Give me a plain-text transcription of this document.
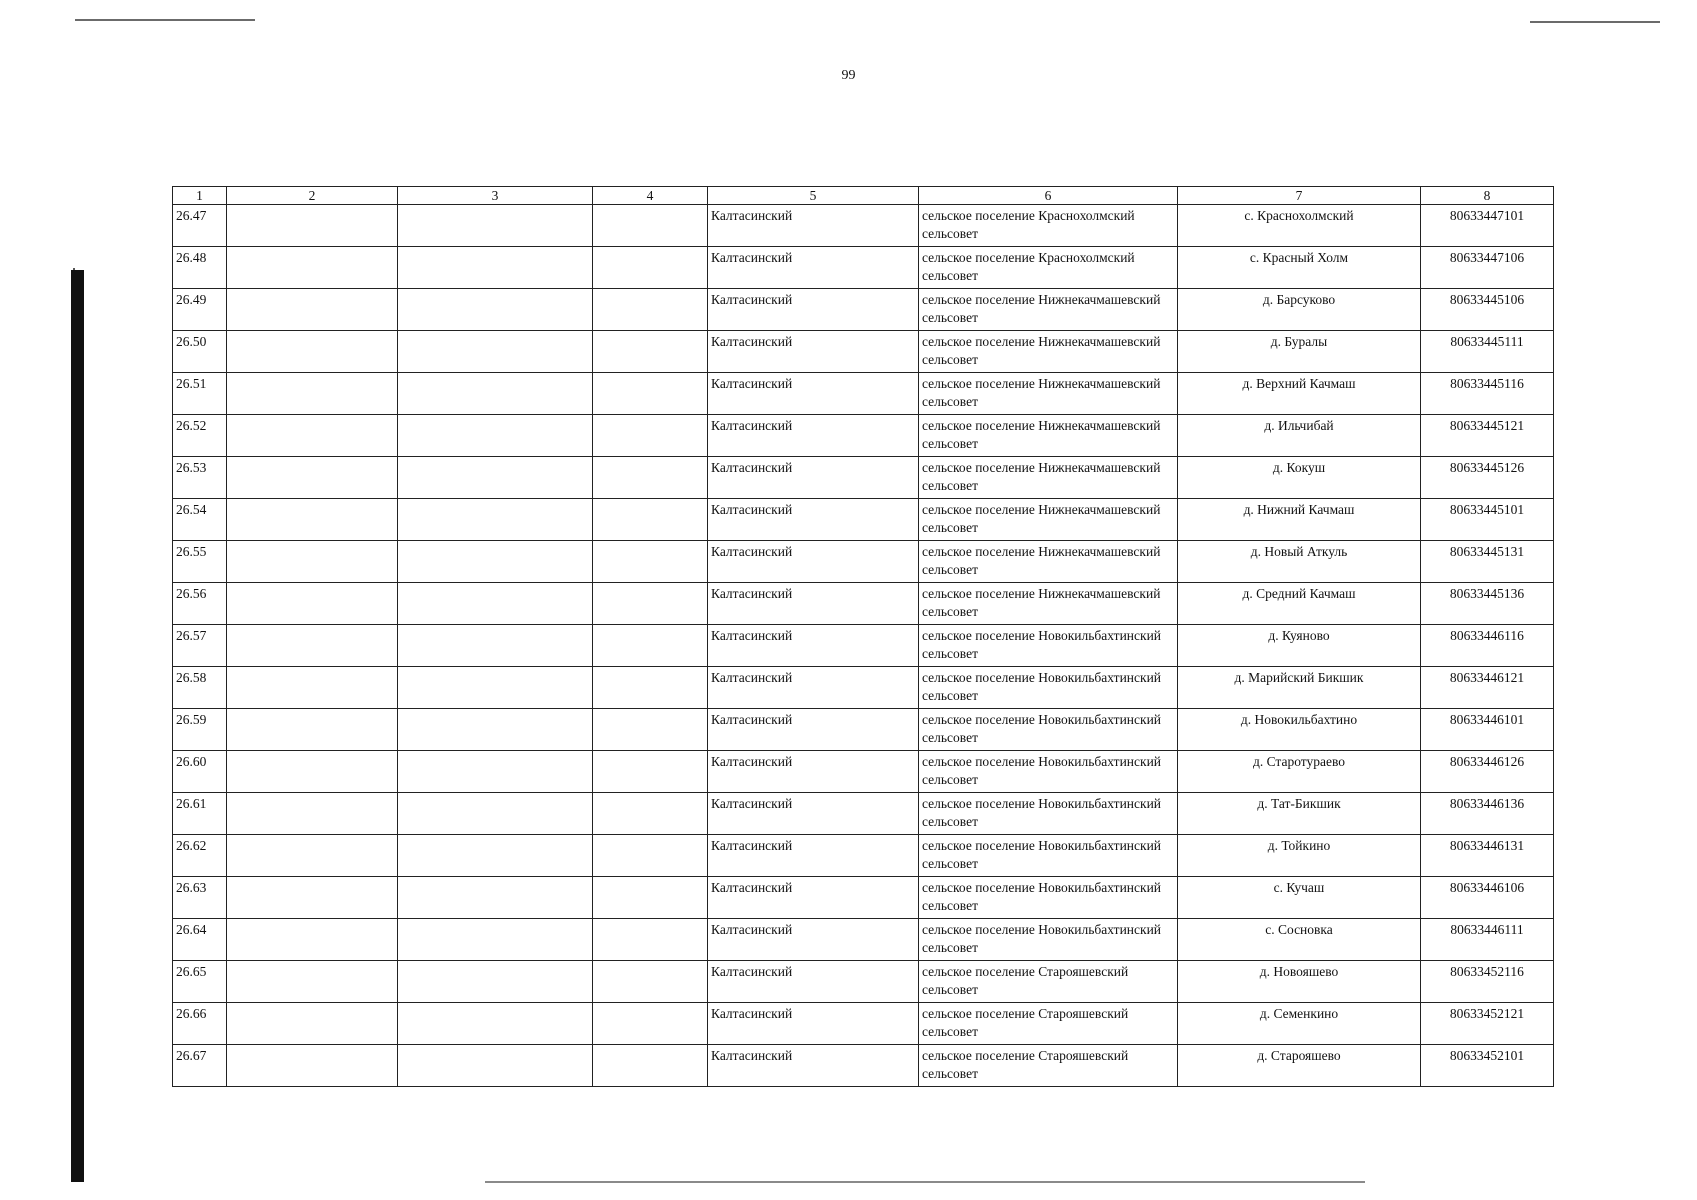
99
1	2	3	4	5	6	7	8
26.47				Калтасинский	сельское поселение Краснохолмский сельсовет	с. Краснохолмский	80633447101
26.48				Калтасинский	сельское поселение Краснохолмский сельсовет	с. Красный Холм	80633447106
26.49				Калтасинский	сельское поселение Нижнекачмашевский сельсовет	д. Барсуково	80633445106
26.50				Калтасинский	сельское поселение Нижнекачмашевский сельсовет	д. Буралы	80633445111
26.51				Калтасинский	сельское поселение Нижнекачмашевский сельсовет	д. Верхний Качмаш	80633445116
26.52				Калтасинский	сельское поселение Нижнекачмашевский сельсовет	д. Ильчибай	80633445121
26.53				Калтасинский	сельское поселение Нижнекачмашевский сельсовет	д. Кокуш	80633445126
26.54				Калтасинский	сельское поселение Нижнекачмашевский сельсовет	д. Нижний Качмаш	80633445101
26.55				Калтасинский	сельское поселение Нижнекачмашевский сельсовет	д. Новый Аткуль	80633445131
26.56				Калтасинский	сельское поселение Нижнекачмашевский сельсовет	д. Средний Качмаш	80633445136
26.57				Калтасинский	сельское поселение Новокильбахтинский сельсовет	д. Куяново	80633446116
26.58				Калтасинский	сельское поселение Новокильбахтинский сельсовет	д. Марийский Бикшик	80633446121
26.59				Калтасинский	сельское поселение Новокильбахтинский сельсовет	д. Новокильбахтино	80633446101
26.60				Калтасинский	сельское поселение Новокильбахтинский сельсовет	д. Старотураево	80633446126
26.61				Калтасинский	сельское поселение Новокильбахтинский сельсовет	д. Тат-Бикшик	80633446136
26.62				Калтасинский	сельское поселение Новокильбахтинский сельсовет	д. Тойкино	80633446131
26.63				Калтасинский	сельское поселение Новокильбахтинский сельсовет	с. Кучаш	80633446106
26.64				Калтасинский	сельское поселение Новокильбахтинский сельсовет	с. Сосновка	80633446111
26.65				Калтасинский	сельское поселение Старояшевский сельсовет	д. Новояшево	80633452116
26.66				Калтасинский	сельское поселение Старояшевский сельсовет	д. Семенкино	80633452121
26.67				Калтасинский	сельское поселение Старояшевский сельсовет	д. Старояшево	80633452101
